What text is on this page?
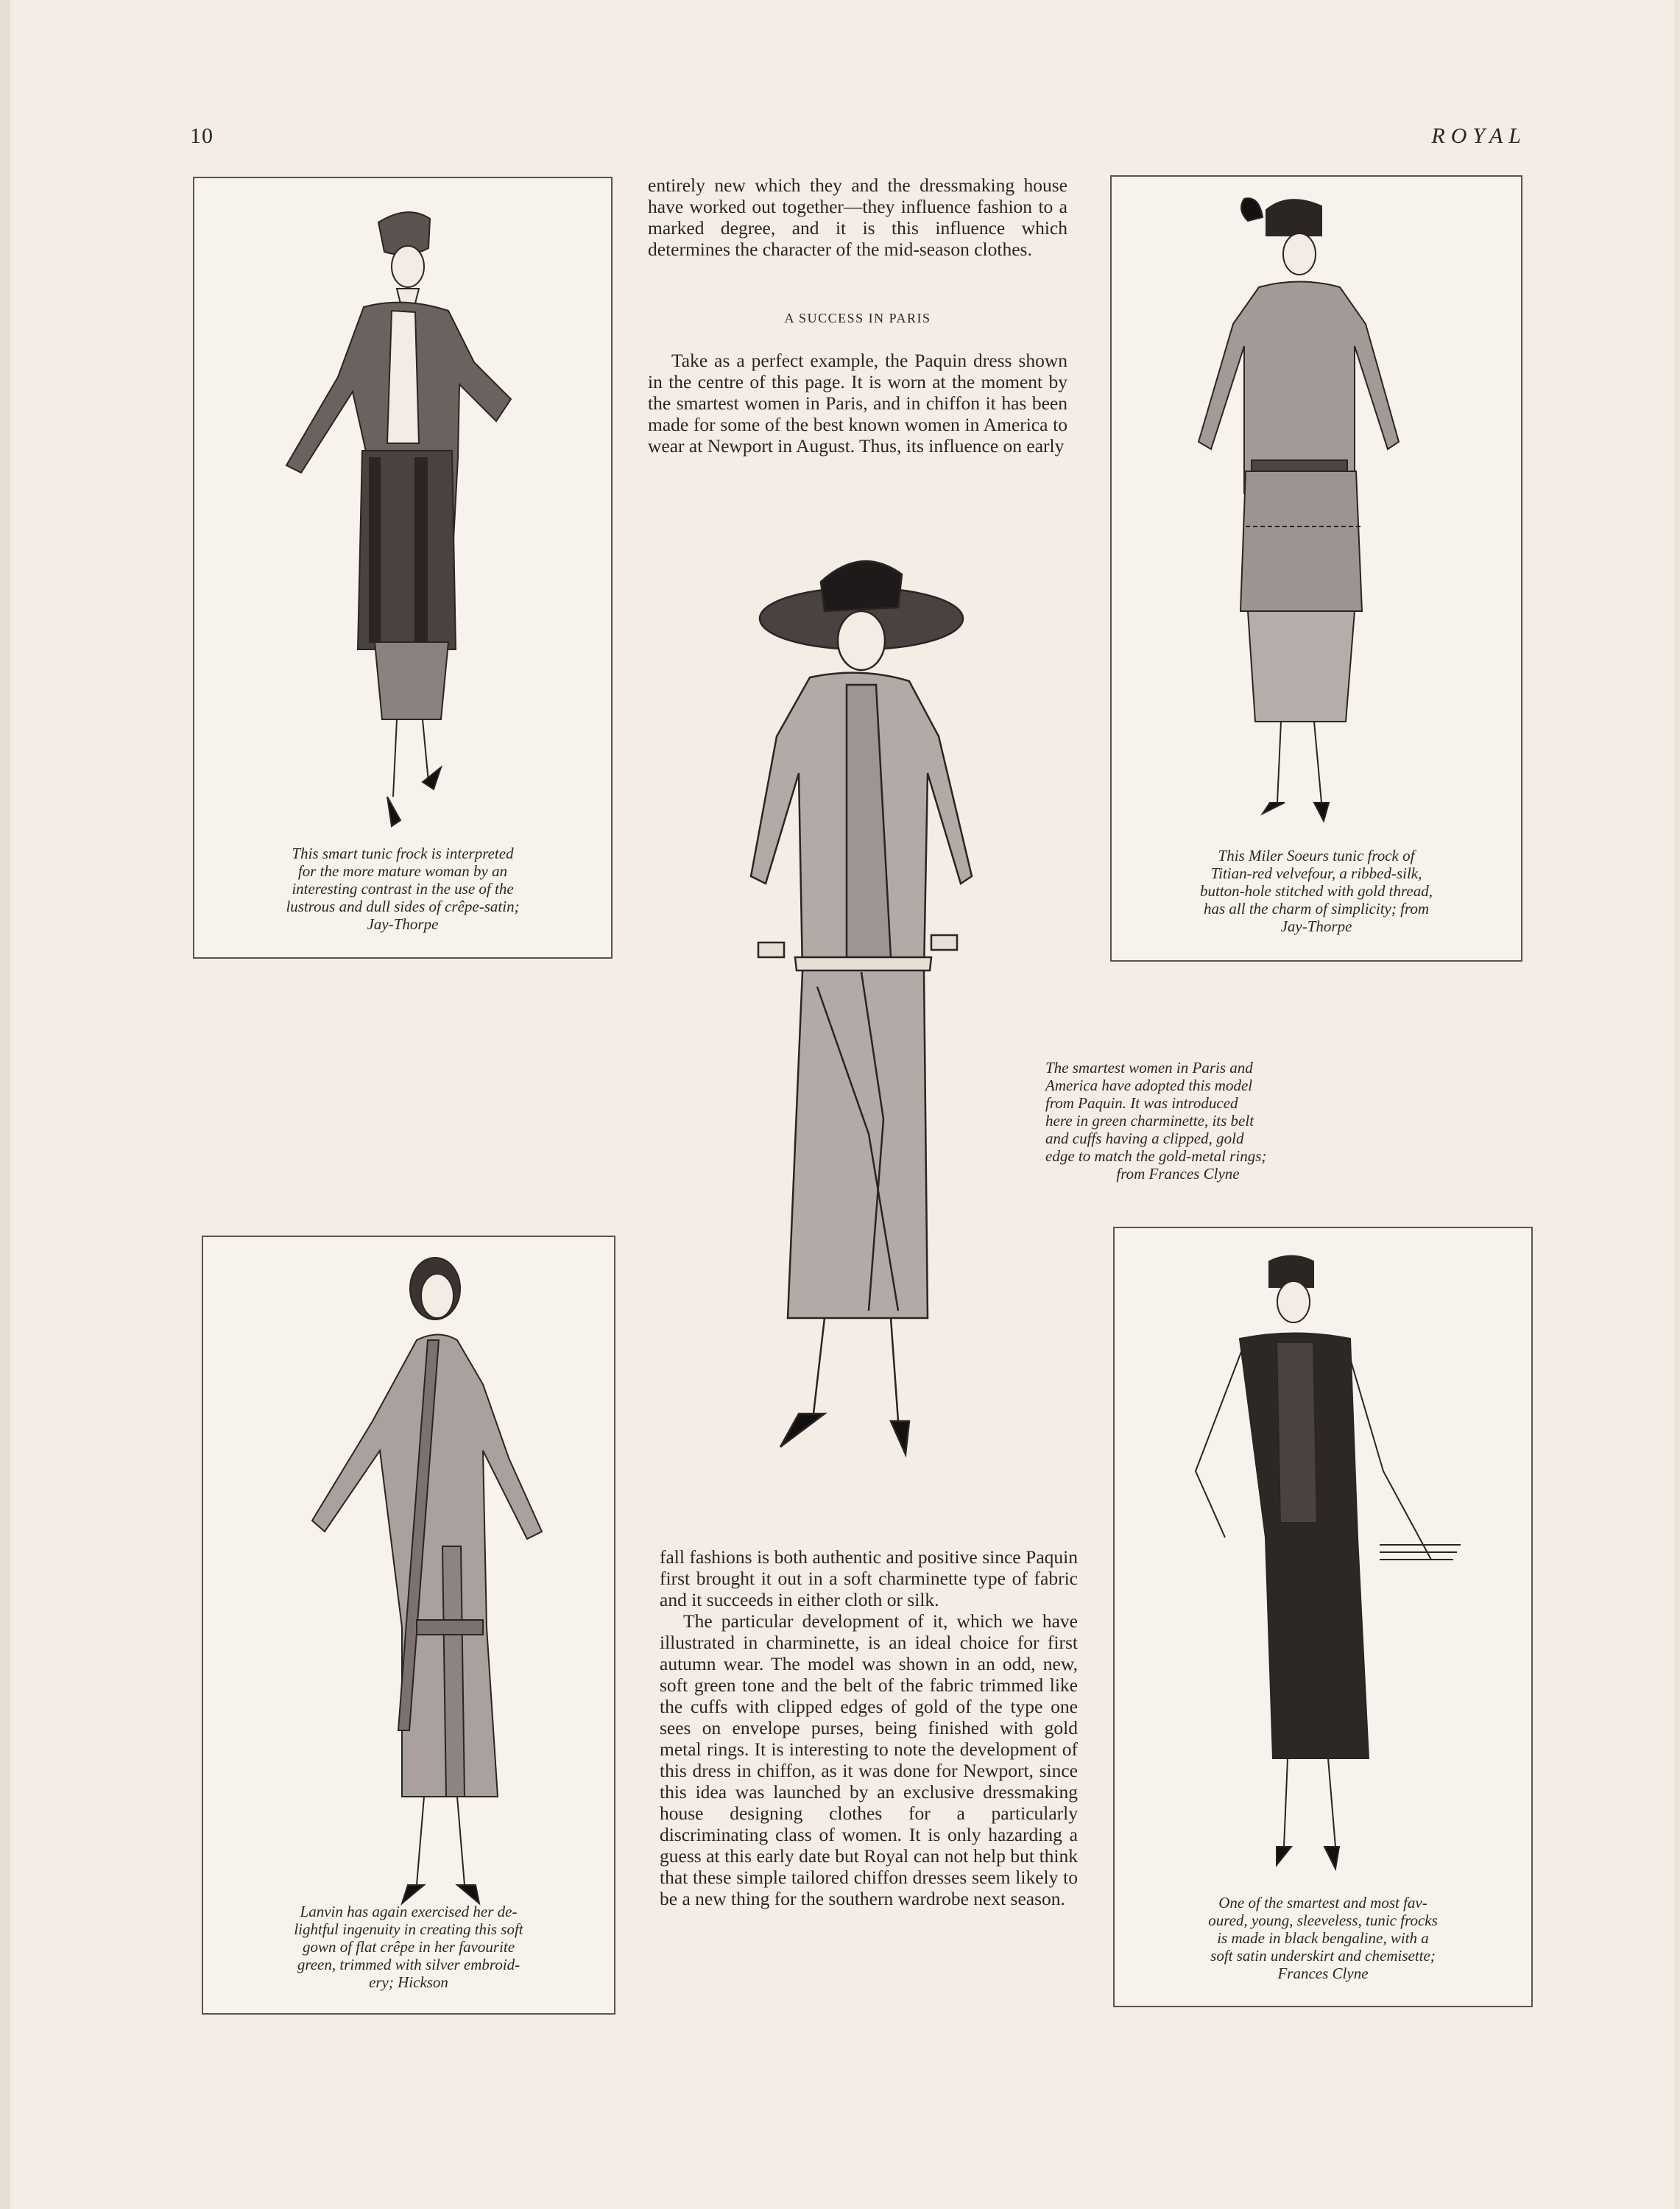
10	ROYAL
This smart tunic frock is interpreted
for the more mature woman by an
interesting contrast in the use of the
lustrous and dull sides of crêpe-satin;
Jay-Thorpe
This Miler Soeurs tunic frock of
Titian-red velvefour, a ribbed-silk,
button-hole stitched with gold thread,
has all the charm of simplicity; from
Jay-Thorpe
Lanvin has again exercised her de-
lightful ingenuity in creating this soft
gown of flat crêpe in her favourite
green, trimmed with silver embroid-
ery; Hickson
One of the smartest and most fav-
oured, young, sleeveless, tunic frocks
is made in black bengaline, with a
soft satin underskirt and chemisette;
Frances Clyne

entirely new which they and the dressmaking house have worked out together—they influence fashion to a marked degree, and it is this influence which determines the character of the mid-season clothes.

A SUCCESS IN PARIS

Take as a perfect example, the Paquin dress shown in the centre of this page. It is worn at the moment by the smartest women in Paris, and in chiffon it has been made for some of the best known women in America to wear at Newport in August. Thus, its influence on early

The smartest women in Paris and
America have adopted this model
from Paquin. It was introduced
here in green charminette, its belt
and cuffs having a clipped, gold
edge to match the gold-metal rings;
from Frances Clyne

fall fashions is both authentic and positive since Paquin first brought it out in a soft charminette type of fabric and it succeeds in either cloth or silk.

The particular development of it, which we have illustrated in charminette, is an ideal choice for first autumn wear. The model was shown in an odd, new, soft green tone and the belt of the fabric trimmed like the cuffs with clipped edges of gold of the type one sees on envelope purses, being finished with gold metal rings. It is interesting to note the development of this dress in chiffon, as it was done for Newport, since this idea was launched by an exclusive dressmaking house designing clothes for a particularly discriminating class of women. It is only hazarding a guess at this early date but Royal can not help but think that these simple tailored chiffon dresses seem likely to be a new thing for the southern wardrobe next season.
